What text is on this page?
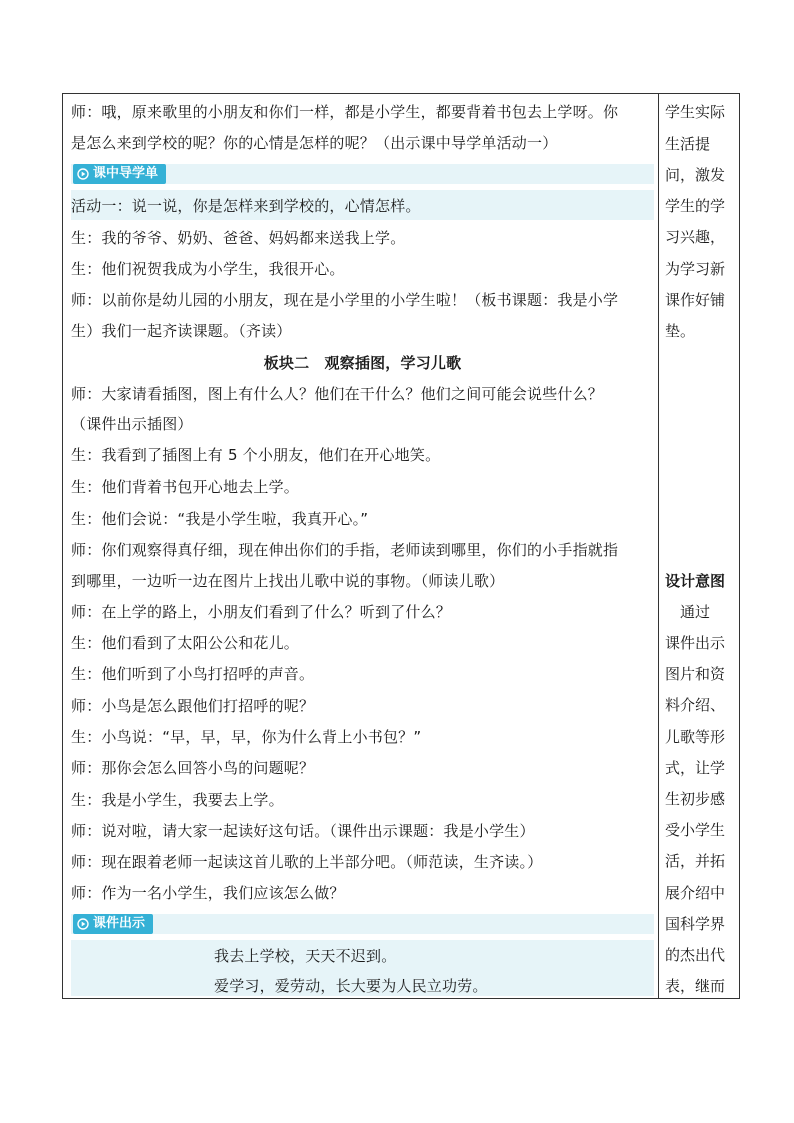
师：哦，原来歌里的小朋友和你们一样，都是小学生，都要背着书包去上学呀。你
是怎么来到学校的呢？你的心情是怎样的呢？（出示课中导学单活动一）
课中导学单
活动一：说一说，你是怎样来到学校的，心情怎样。
生：我的爷爷、奶奶、爸爸、妈妈都来送我上学。
生：他们祝贺我成为小学生，我很开心。
师：以前你是幼儿园的小朋友，现在是小学里的小学生啦！（板书课题：我是小学
生）我们一起齐读课题。（齐读）
板块二　观察插图，学习儿歌
师：大家请看插图，图上有什么人？他们在干什么？他们之间可能会说些什么？
（课件出示插图）
生：我看到了插图上有 5 个小朋友，他们在开心地笑。
生：他们背着书包开心地去上学。
生：他们会说：“我是小学生啦，我真开心。”
师：你们观察得真仔细，现在伸出你们的手指，老师读到哪里，你们的小手指就指
到哪里，一边听一边在图片上找出儿歌中说的事物。（师读儿歌）
师：在上学的路上，小朋友们看到了什么？听到了什么？
生：他们看到了太阳公公和花儿。
生：他们听到了小鸟打招呼的声音。
师：小鸟是怎么跟他们打招呼的呢？
生：小鸟说：“早，早，早，你为什么背上小书包？”
师：那你会怎么回答小鸟的问题呢？
生：我是小学生，我要去上学。
师：说对啦，请大家一起读好这句话。（课件出示课题：我是小学生）
师：现在跟着老师一起读这首儿歌的上半部分吧。（师范读，生齐读。）
师：作为一名小学生，我们应该怎么做？
课件出示
我去上学校，天天不迟到。
爱学习，爱劳动，长大要为人民立功劳。
学生实际
生活提
问，激发
学生的学
习兴趣，
为学习新
课作好铺
垫。
设计意图
　通过
课件出示
图片和资
料介绍、
儿歌等形
式，让学
生初步感
受小学生
活，并拓
展介绍中
国科学界
的杰出代
表，继而
